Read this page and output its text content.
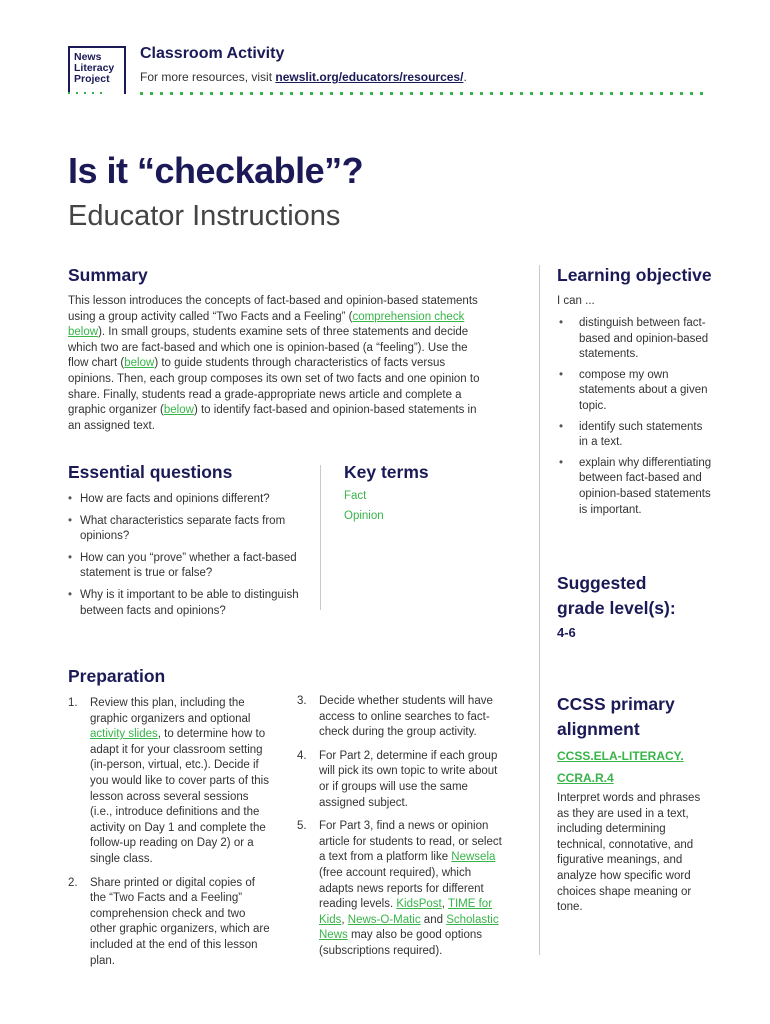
News
Literacy
Project
Classroom Activity
For more resources, visit newslit.org/educators/resources/.
Is it “checkable”?
Educator Instructions
Summary
This lesson introduces the concepts of fact-based and opinion-based statements using a group activity called “Two Facts and a Feeling” (comprehension check below). In small groups, students examine sets of three statements and decide which two are fact-based and which one is opinion-based (a “feeling”). Use the flow chart (below) to guide students through characteristics of facts versus opinions. Then, each group composes its own set of two facts and one opinion to share. Finally, students read a grade-appropriate news article and complete a graphic organizer (below) to identify fact-based and opinion-based statements in an assigned text.
Essential questions
• How are facts and opinions different?
• What characteristics separate facts from opinions?
• How can you “prove” whether a fact-based statement is true or false?
• Why is it important to be able to distinguish between facts and opinions?
Key terms
Fact
Opinion
Learning objective
I can ...
• distinguish between fact-based and opinion-based statements.
• compose my own statements about a given topic.
• identify such statements in a text.
• explain why differentiating between fact-based and opinion-based statements is important.
Suggested
grade level(s):
4-6
Preparation
1. Review this plan, including the graphic organizers and optional activity slides, to determine how to adapt it for your classroom setting (in-person, virtual, etc.). Decide if you would like to cover parts of this lesson across several sessions (i.e., introduce definitions and the activity on Day 1 and complete the follow-up reading on Day 2) or a single class.
2. Share printed or digital copies of the “Two Facts and a Feeling” comprehension check and two other graphic organizers, which are included at the end of this lesson plan.
3. Decide whether students will have access to online searches to fact-check during the group activity.
4. For Part 2, determine if each group will pick its own topic to write about or if groups will use the same assigned subject.
5. For Part 3, find a news or opinion article for students to read, or select a text from a platform like Newsela (free account required), which adapts news reports for different reading levels. KidsPost, TIME for Kids, News-O-Matic and Scholastic News may also be good options (subscriptions required).
CCSS primary
alignment
CCSS.ELA-LITERACY.
CCRA.R.4
Interpret words and phrases as they are used in a text, including determining technical, connotative, and figurative meanings, and analyze how specific word choices shape meaning or tone.
